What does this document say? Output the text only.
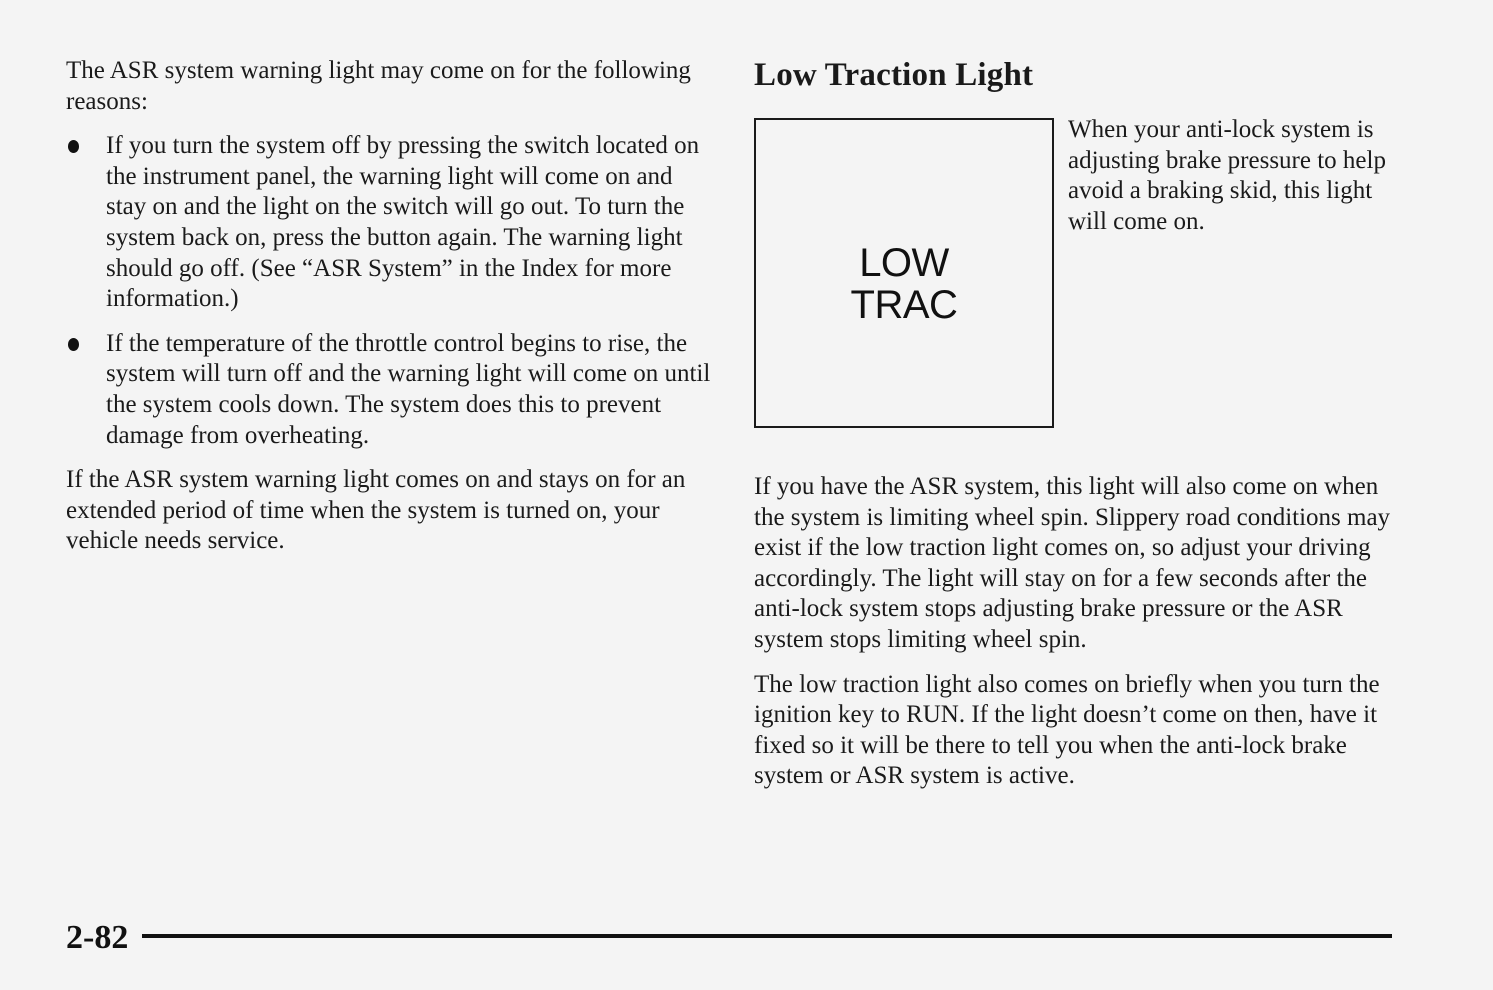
The ASR system warning light may come on for the following reasons:

If you turn the system off by pressing the switch located on the instrument panel, the warning light will come on and stay on and the light on the switch will go out. To turn the system back on, press the button again. The warning light should go off. (See “ASR System” in the Index for more information.)
If the temperature of the throttle control begins to rise, the system will turn off and the warning light will come on until the system cools down. The system does this to prevent damage from overheating.

If the ASR system warning light comes on and stays on for an extended period of time when the system is turned on, your vehicle needs service.

Low Traction Light
LOW
TRAC

When your anti-lock system is adjusting brake pressure to help avoid a braking skid, this light will come on.

If you have the ASR system, this light will also come on when the system is limiting wheel spin. Slippery road conditions may exist if the low traction light comes on, so adjust your driving accordingly. The light will stay on for a few seconds after the anti-lock system stops adjusting brake pressure or the ASR system stops limiting wheel spin.

The low traction light also comes on briefly when you turn the ignition key to RUN. If the light doesn’t come on then, have it fixed so it will be there to tell you when the anti-lock brake system or ASR system is active.

2-82
